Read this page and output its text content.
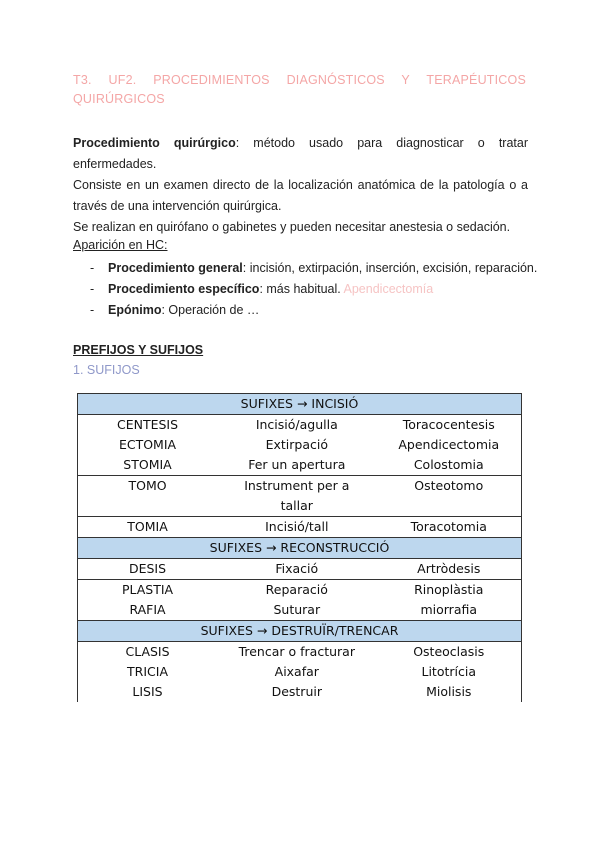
T3. UF2. PROCEDIMIENTOS DIAGNÓSTICOS Y TERAPÉUTICOS
QUIRÚRGICOS
Procedimiento quirúrgico: método usado para diagnosticar o tratar enfermedades.
Consiste en un examen directo de la localización anatómica de la patología o a
través de una intervención quirúrgica.
Se realizan en quirófano o gabinetes y pueden necesitar anestesia o sedación.
Aparición en HC:
-	Procedimiento general: incisión, extirpación, inserción, excisión, reparación.
-	Procedimiento específico: más habitual. Apendicectomía
-	Epónimo: Operación de …
PREFIJOS Y SUFIJOS
1. SUFIJOS
SUFIXES → INCISIÓ		
CENTESIS	Incisió/agulla	Toracocentesis
ECTOMIA	Extirpació	Apendicectomia
STOMIA	Fer un apertura	Colostomia
TOMO	Instrument per a tallar	Osteotomo
TOMIA	Incisió/tall	Toracotomia
SUFIXES → RECONSTRUCCIÓ		
DESIS	Fixació	Artròdesis
PLASTIA	Reparació	Rinoplàstia
RAFIA	Suturar	miorrafia
SUFIXES → DESTRUÏR/TRENCAR		
CLASIS	Trencar o fracturar	Osteoclasis
TRICIA	Aixafar	Litotrícia
LISIS	Destruir	Miolisis
